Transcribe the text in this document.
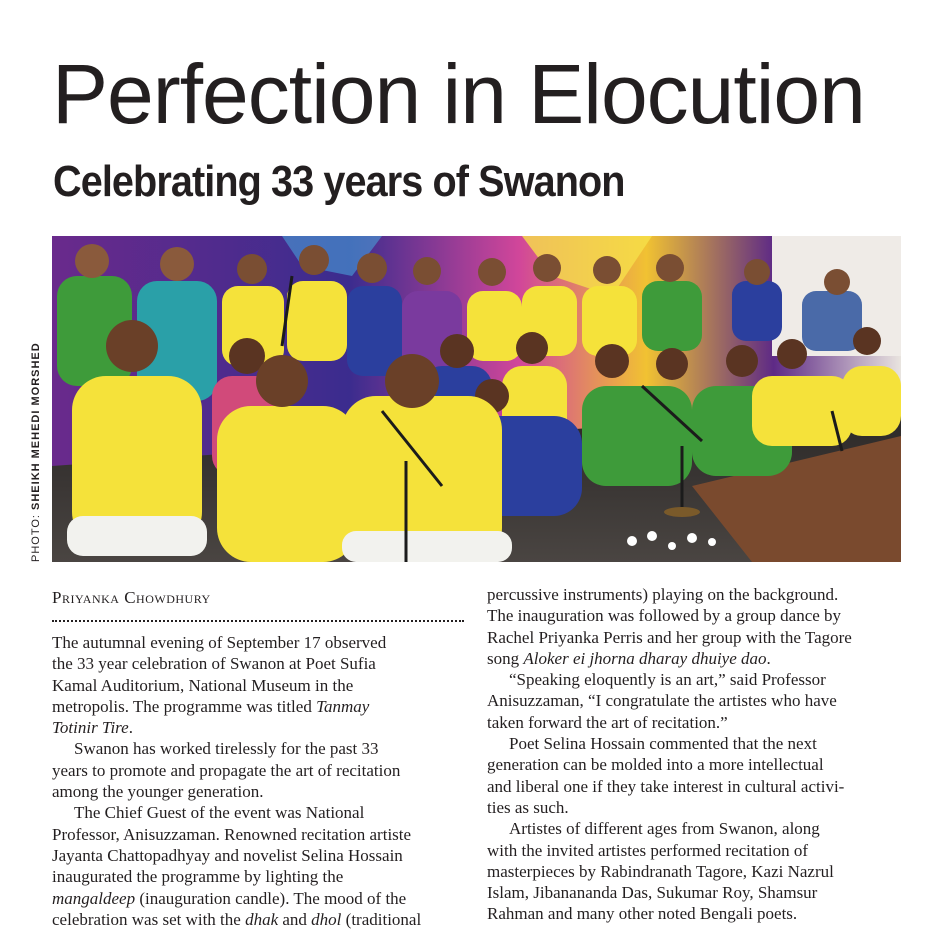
Perfection in Elocution
Celebrating 33 years of Swanon
PHOTO: SHEIKH MEHEDI MORSHED
Priyanka Chowdhury

The autumnal evening of September 17 observed
the 33 year celebration of Swanon at Poet Sufia
Kamal Auditorium, National Museum in the
metropolis. The programme was titled Tanmay
Totinir Tire.

Swanon has worked tirelessly for the past 33
years to promote and propagate the art of recitation
among the younger generation.

The Chief Guest of the event was National
Professor, Anisuzzaman. Renowned recitation artiste
Jayanta Chattopadhyay and novelist Selina Hossain
inaugurated the programme by lighting the
mangaldeep (inauguration candle). The mood of the
celebration was set with the dhak and dhol (traditional

percussive instruments) playing on the background.
The inauguration was followed by a group dance by
Rachel Priyanka Perris and her group with the Tagore
song Aloker ei jhorna dharay dhuiye dao.

“Speaking eloquently is an art,” said Professor
Anisuzzaman, “I congratulate the artistes who have
taken forward the art of recitation.”

Poet Selina Hossain commented that the next
generation can be molded into a more intellectual
and liberal one if they take interest in cultural activi-
ties as such.

Artistes of different ages from Swanon, along
with the invited artistes performed recitation of
masterpieces by Rabindranath Tagore, Kazi Nazrul
Islam, Jibanananda Das, Sukumar Roy, Shamsur
Rahman and many other noted Bengali poets.
